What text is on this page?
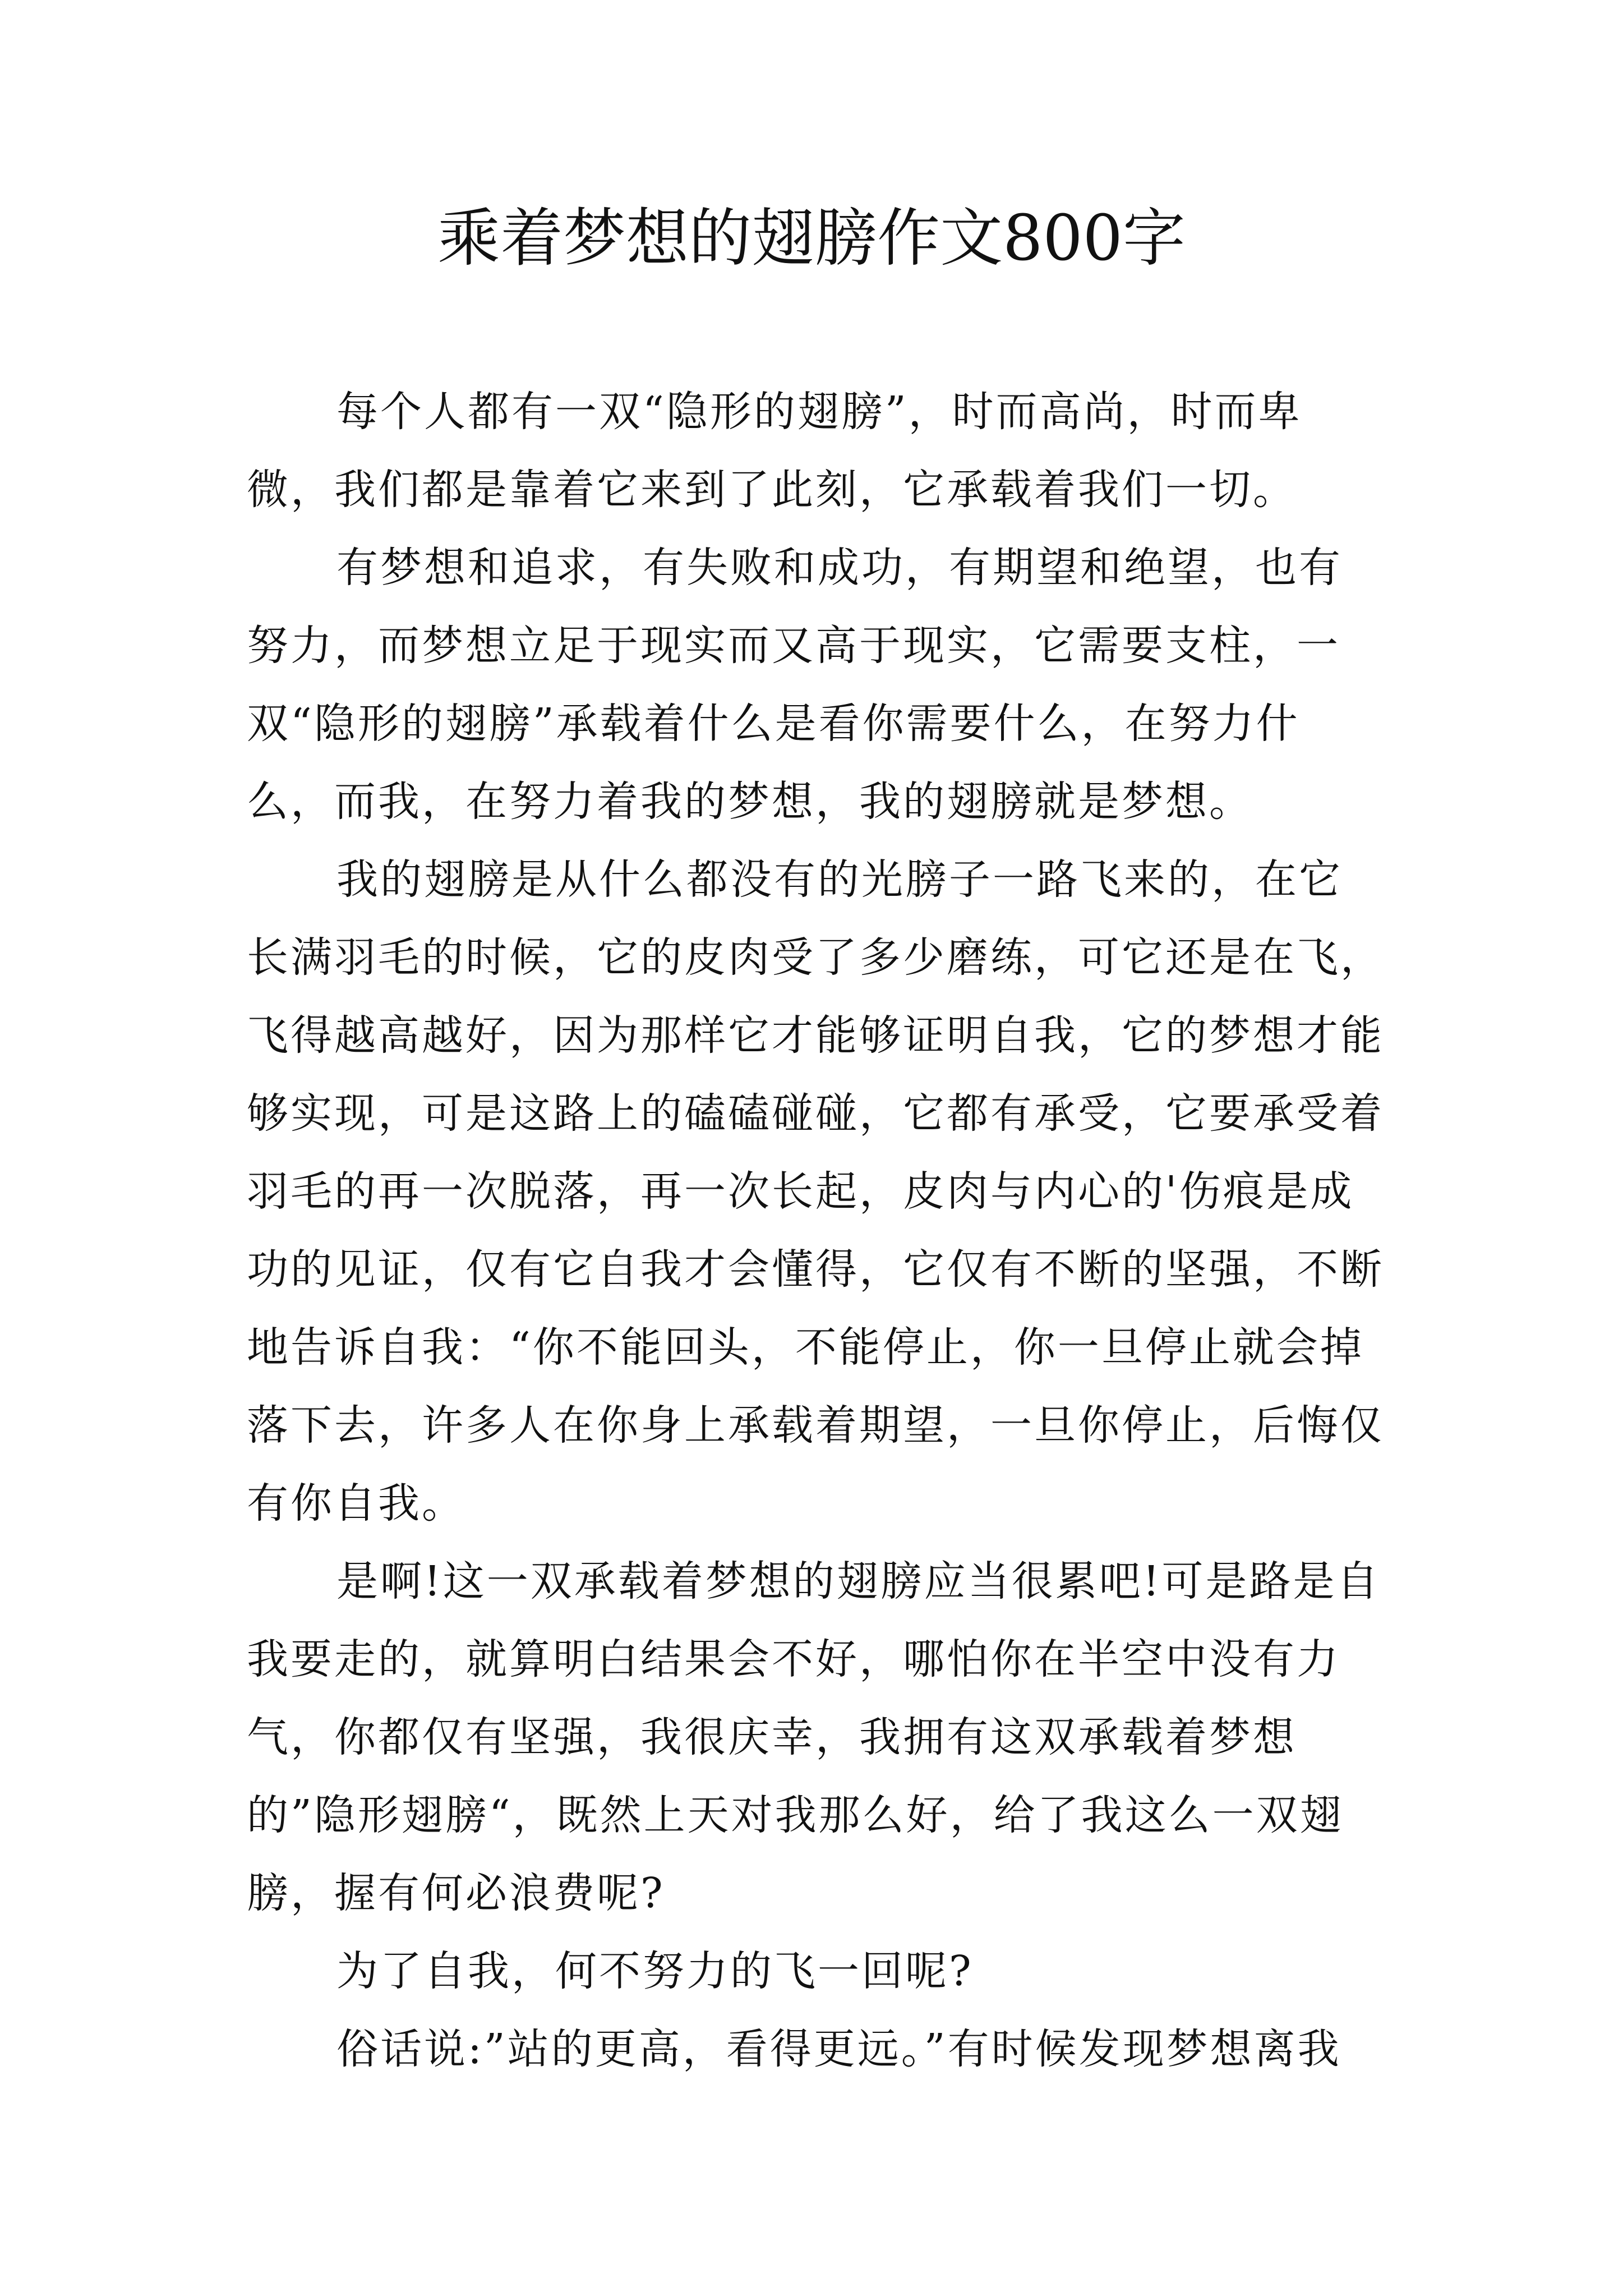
乘着梦想的翅膀作文800字

每个人都有一双“隐形的翅膀”，时而高尚，时而卑微，我们都是靠着它来到了此刻，它承载着我们一切。

有梦想和追求，有失败和成功，有期望和绝望，也有努力，而梦想立足于现实而又高于现实，它需要支柱，一双“隐形的翅膀”承载着什么是看你需要什么，在努力什么，而我，在努力着我的梦想，我的翅膀就是梦想。

我的翅膀是从什么都没有的光膀子一路飞来的，在它长满羽毛的时候，它的皮肉受了多少磨练，可它还是在飞，飞得越高越好，因为那样它才能够证明自我，它的梦想才能够实现，可是这路上的磕磕碰碰，它都有承受，它要承受着羽毛的再一次脱落，再一次长起，皮肉与内心的'伤痕是成功的见证，仅有它自我才会懂得，它仅有不断的坚强，不断地告诉自我：“你不能回头，不能停止，你一旦停止就会掉落下去，许多人在你身上承载着期望，一旦你停止，后悔仅有你自我。

是啊!这一双承载着梦想的翅膀应当很累吧!可是路是自我要走的，就算明白结果会不好，哪怕你在半空中没有力气，你都仅有坚强，我很庆幸，我拥有这双承载着梦想的”隐形翅膀“，既然上天对我那么好，给了我这么一双翅膀，握有何必浪费呢?

为了自我，何不努力的飞一回呢?

俗话说:”站的更高，看得更远。”有时候发现梦想离我
